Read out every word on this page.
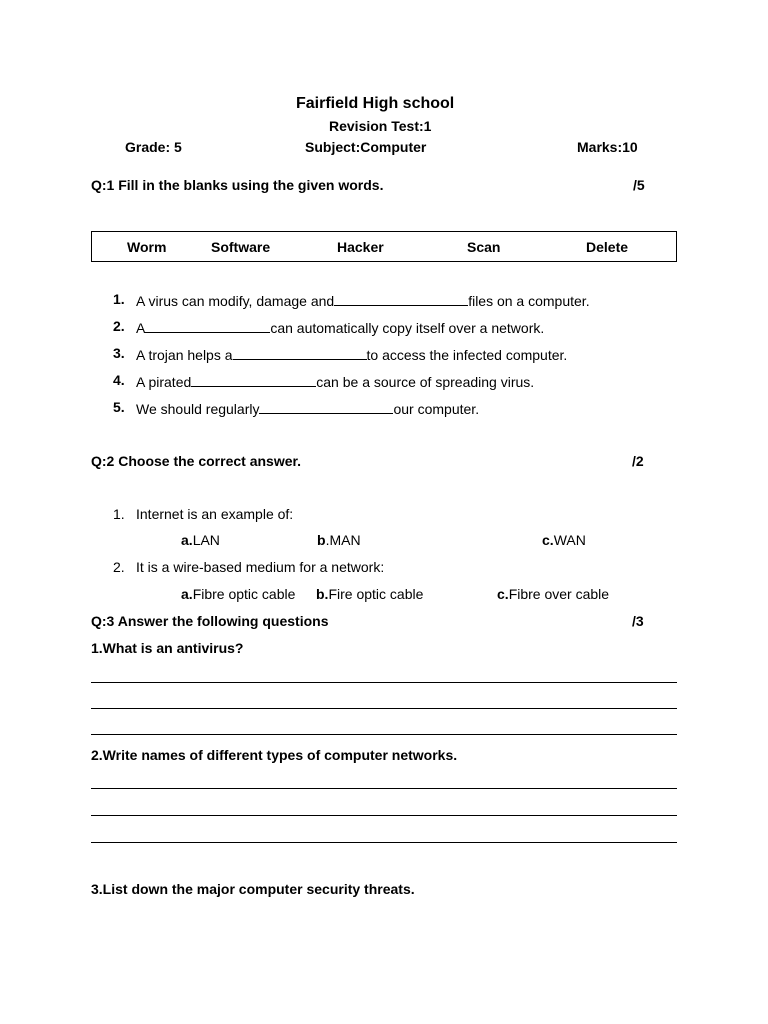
Fairfield High school
Revision Test:1
Grade: 5	Subject:Computer	Marks:10
Q:1 Fill in the blanks using the given words.	/5
Worm	Software	Hacker	Scan	Delete
1. A virus can modify, damage and	files on a computer.
2. A	can automatically copy itself over a network.
3. A trojan helps a	to access the infected computer.
4. A pirated	can be a source of spreading virus.
5. We should regularly	our computer.
Q:2 Choose the correct answer.	/2
1. Internet is an example of:
a.LAN	b.MAN	c.WAN
2. It is a wire-based medium for a network:
a.Fibre optic cable b.Fire optic cable	c.Fibre over cable
Q:3 Answer the following questions	/3
1.What is an antivirus?
2.Write names of different types of computer networks.
3.List down the major computer security threats.
